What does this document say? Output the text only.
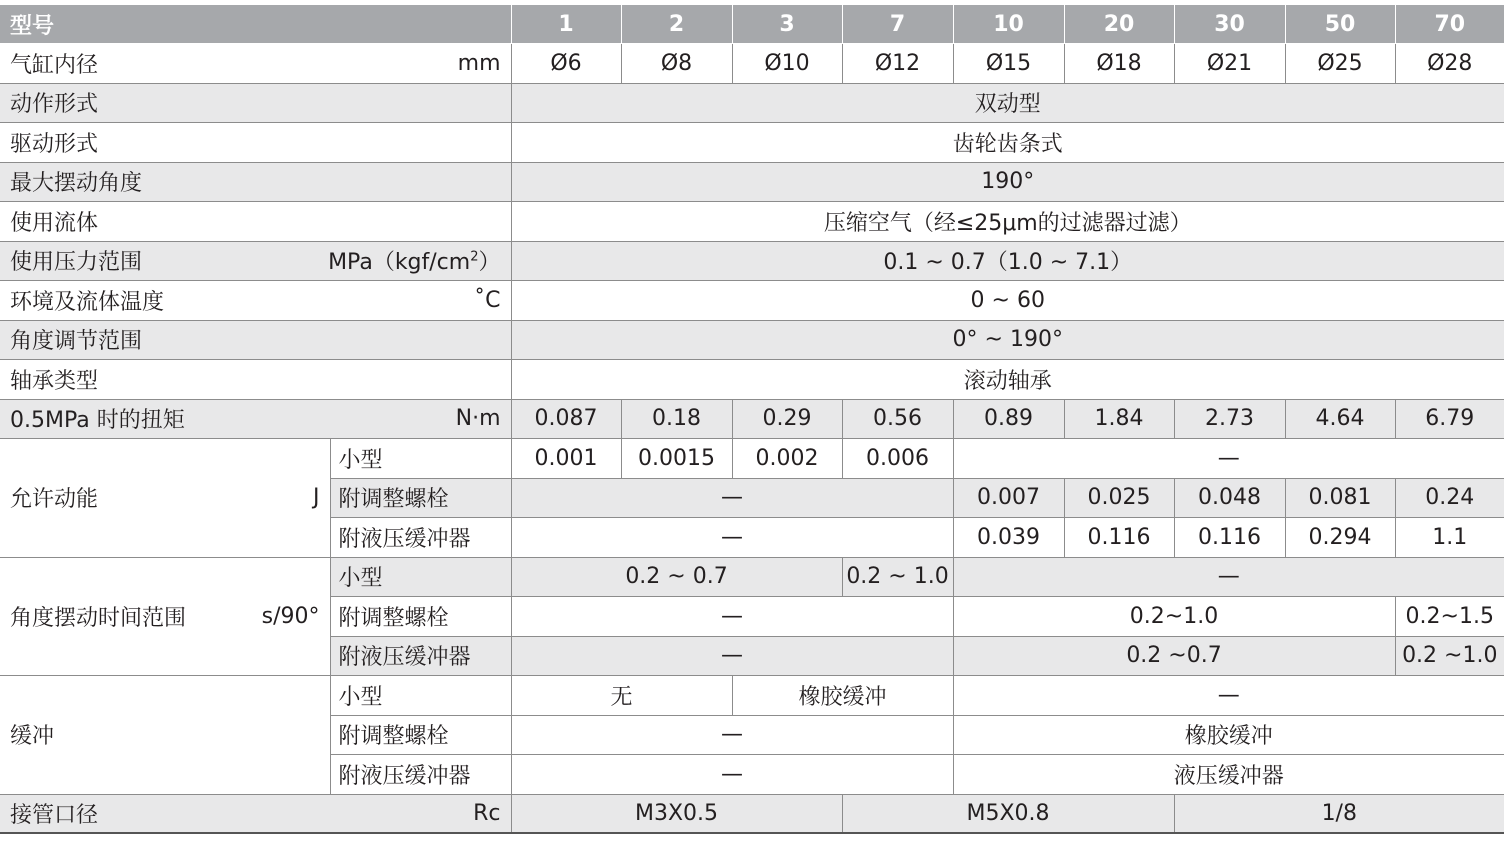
型号		1	2	3	7	10	20	30	50	70

气缸内径 mm		Ø6	Ø8	Ø10	Ø12	Ø15	Ø18	Ø21	Ø25	Ø28
动作形式		双动型								
驱动形式		齿轮齿条式								
最大摆动角度		190°								
使用流体		压缩空气（经≤25μm的过滤器过滤）								

使用压力范围 $MPa(kgf/cm^2)$		0.1 ~ 0.7（1.0 ~ 7.1）								

环境及流体温度 ˚C		0 ~ 60								
角度调节范围		0° ~ 190°								
轴承类型		滚动轴承								

0.5MPa 时的扭矩 N·m		0.087	0.18	0.29	0.56	0.89	1.84	2.73	4.64	6.79

允许动能 J	小型	0.001	0.0015	0.002	0.006	—				
	附调整螺栓	—				0.007	0.025	0.048	0.081	0.24
	附液压缓冲器	—				0.039	0.116	0.116	0.294	1.1

角度摆动时间范围 s/90°	小型	0.2 ~ 0.7			0.2 ~ 1.0	—				
	附调整螺栓	—				0.2~1.0				0.2~1.5
	附液压缓冲器	—				0.2 ~0.7				0.2 ~1.0
缓冲	小型	无		橡胶缓冲		—				
	附调整螺栓	—				橡胶缓冲				
	附液压缓冲器	—				液压缓冲器				

接管口径 Rc		M3X0.5			M5X0.8			1/8		
